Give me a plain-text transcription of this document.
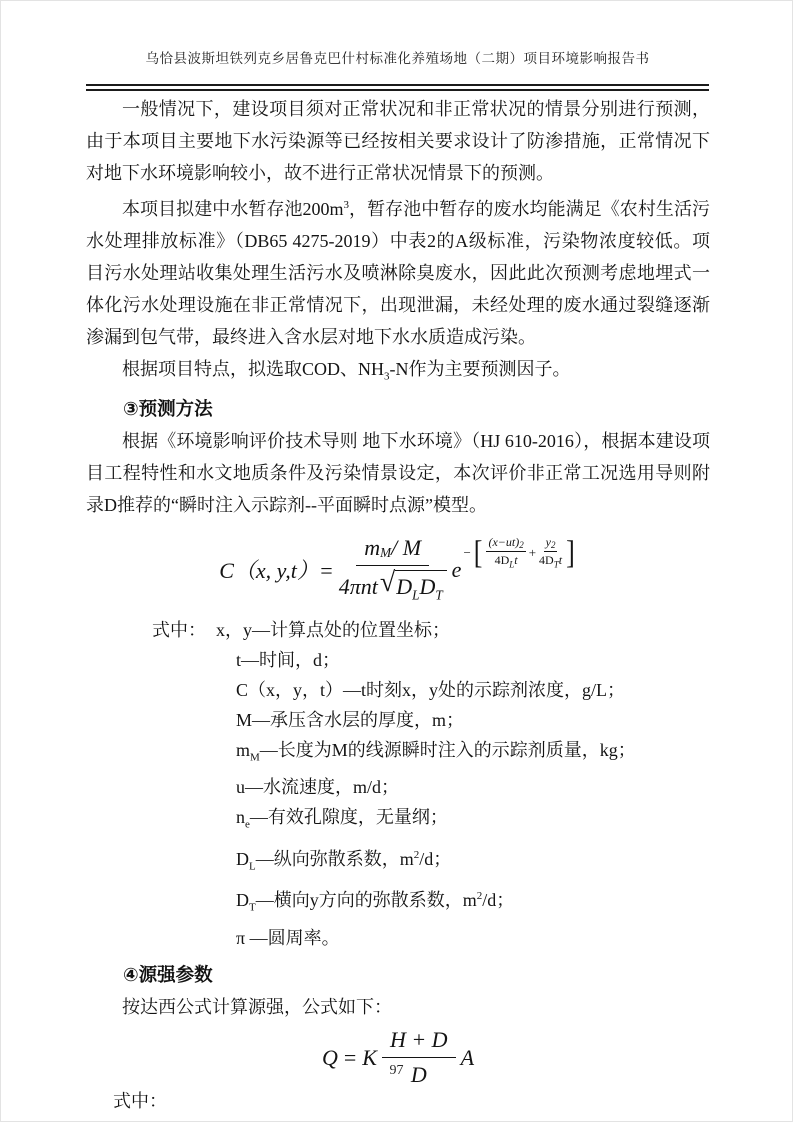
乌恰县波斯坦铁列克乡居鲁克巴什村标准化养殖场地（二期）项目环境影响报告书

一般情况下，建设项目须对正常状况和非正常状况的情景分别进行预测，由于本项目主要地下水污染源等已经按相关要求设计了防渗措施，正常情况下对地下水环境影响较小，故不进行正常状况情景下的预测。

本项目拟建中水暂存池$200m^3$，暂存池中暂存的废水均能满足《农村生活污水处理排放标准》（DB65 4275-2019）中表2的A级标准，污染物浓度较低。项目污水处理站收集处理生活污水及喷淋除臭废水，因此此次预测考虑地埋式一体化污水处理设施在非正常情况下，出现泄漏，未经处理的废水通过裂缝逐渐渗漏到包气带，最终进入含水层对地下水水质造成污染。

根据项目特点，拟选取COD、$NH_3-N$作为主要预测因子。

③预测方法

根据《环境影响评价技术导则 地下水环境》（HJ 610-2016），根据本建设项目工程特性和水文地质条件及污染情景设定，本次评价非正常工况选用导则附录D推荐的“瞬时注入示踪剂--平面瞬时点源”模型。

C（x, $y,t)= \frac{m_M / M}{4\pi nt √ D_LD_T}$ e
− [ $(x-ut)_2$
$4D_Lt$
+
$y_2$
$4D_Tt$ ]
式中： x，y—计算点处的位置坐标；
t—时间，d；
C（x，y，t）—t时刻x，y处的示踪剂浓度，g/L；
M—承压含水层的厚度，m；
$m_M—$长度为M的线源瞬时注入的示踪剂质量，kg；
u—水流速度，m/d；
$n_e—$有效孔隙度，无量纲；
$D_L—$纵向弥散系数，$m^2/d$；
$D_T—$横向y方向的弥散系数，$m^2/d$；
π —圆周率。

④源强参数

按达西公式计算源强，公式如下：

Q = K $\frac{H + D}{D}$ A

式中：

97
